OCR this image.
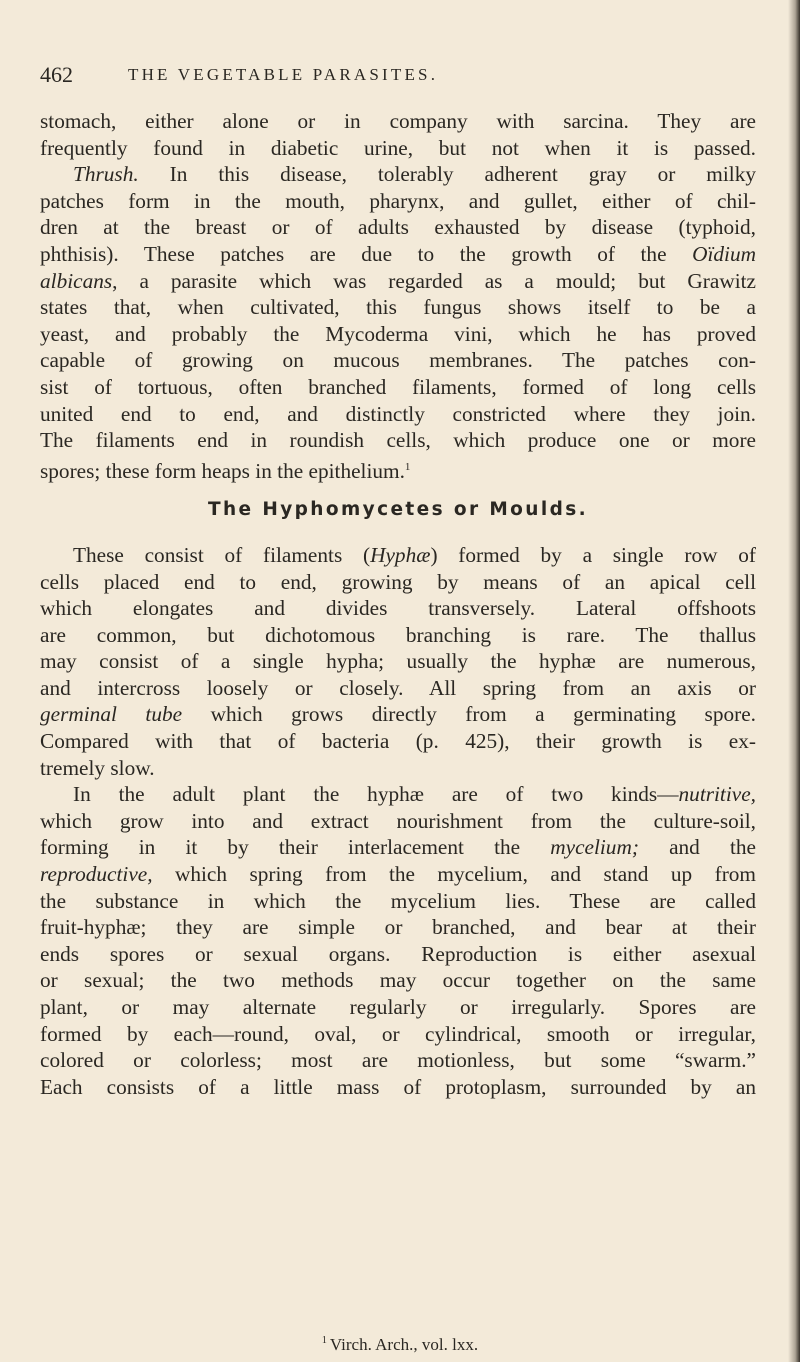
462	THE VEGETABLE PARASITES.
stomach, either alone or in company with sarcina. They are
frequently found in diabetic urine, but not when it is passed.
Thrush. In this disease, tolerably adherent gray or milky
patches form in the mouth, pharynx, and gullet, either of chil-
dren at the breast or of adults exhausted by disease (typhoid,
phthisis). These patches are due to the growth of the Oïdium
albicans, a parasite which was regarded as a mould; but Grawitz
states that, when cultivated, this fungus shows itself to be a
yeast, and probably the Mycoderma vini, which he has proved
capable of growing on mucous membranes. The patches con-
sist of tortuous, often branched filaments, formed of long cells
united end to end, and distinctly constricted where they join.
The filaments end in roundish cells, which produce one or more
spores; these form heaps in the epithelium.$^1$
The Hyphomycetes or Moulds.
These consist of filaments (Hyphæ) formed by a single row of
cells placed end to end, growing by means of an apical cell
which elongates and divides transversely. Lateral offshoots
are common, but dichotomous branching is rare. The thallus
may consist of a single hypha; usually the hyphæ are numerous,
and intercross loosely or closely. All spring from an axis or
germinal tube which grows directly from a germinating spore.
Compared with that of bacteria (p. 425), their growth is ex-
tremely slow.
In the adult plant the hyphæ are of two kinds—nutritive,
which grow into and extract nourishment from the culture-soil,
forming in it by their interlacement the mycelium; and the
reproductive, which spring from the mycelium, and stand up from
the substance in which the mycelium lies. These are called
fruit-hyphæ; they are simple or branched, and bear at their
ends spores or sexual organs. Reproduction is either asexual
or sexual; the two methods may occur together on the same
plant, or may alternate regularly or irregularly. Spores are
formed by each—round, oval, or cylindrical, smooth or irregular,
colored or colorless; most are motionless, but some “swarm.”
Each consists of a little mass of protoplasm, surrounded by an
$^1$ Virch. Arch., vol. lxx.
